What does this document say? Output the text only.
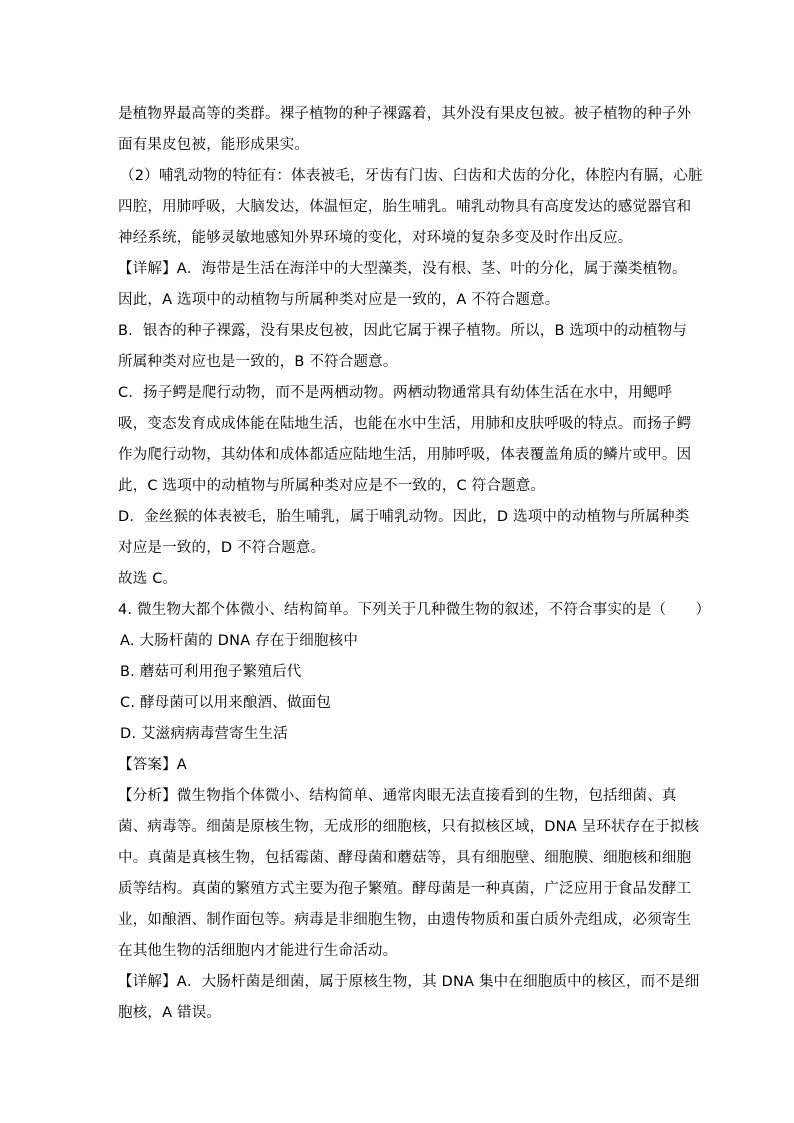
是植物界最高等的类群。裸子植物的种子裸露着，其外没有果皮包被。被子植物的种子外
面有果皮包被，能形成果实。
（2）哺乳动物的特征有：体表被毛，牙齿有门齿、臼齿和犬齿的分化，体腔内有膈，心脏
四腔，用肺呼吸，大脑发达，体温恒定，胎生哺乳。哺乳动物具有高度发达的感觉器官和
神经系统，能够灵敏地感知外界环境的变化，对环境的复杂多变及时作出反应。
【详解】A．海带是生活在海洋中的大型藻类，没有根、茎、叶的分化，属于藻类植物。
因此，A 选项中的动植物与所属种类对应是一致的，A 不符合题意。
B．银杏的种子裸露，没有果皮包被，因此它属于裸子植物。所以，B 选项中的动植物与
所属种类对应也是一致的，B 不符合题意。
C．扬子鳄是爬行动物，而不是两栖动物。两栖动物通常具有幼体生活在水中，用鳃呼
吸，变态发育成成体能在陆地生活，也能在水中生活，用肺和皮肤呼吸的特点。而扬子鳄
作为爬行动物，其幼体和成体都适应陆地生活，用肺呼吸，体表覆盖角质的鳞片或甲。因
此，C 选项中的动植物与所属种类对应是不一致的，C 符合题意。
D．金丝猴的体表被毛，胎生哺乳，属于哺乳动物。因此，D 选项中的动植物与所属种类
对应是一致的，D 不符合题意。
故选 C。
4. 微生物大都个体微小、结构简单。下列关于几种微生物的叙述，不符合事实的是（　　）
A. 大肠杆菌的 DNA 存在于细胞核中
B. 蘑菇可利用孢子繁殖后代
C. 酵母菌可以用来酿酒、做面包
D. 艾滋病病毒营寄生生活
【答案】A
【分析】微生物指个体微小、结构简单、通常肉眼无法直接看到的生物，包括细菌、真
菌、病毒等。细菌是原核生物，无成形的细胞核，只有拟核区域，DNA 呈环状存在于拟核
中。真菌是真核生物，包括霉菌、酵母菌和蘑菇等，具有细胞壁、细胞膜、细胞核和细胞
质等结构。真菌的繁殖方式主要为孢子繁殖。酵母菌是一种真菌，广泛应用于食品发酵工
业，如酿酒、制作面包等。病毒是非细胞生物，由遗传物质和蛋白质外壳组成，必须寄生
在其他生物的活细胞内才能进行生命活动。
【详解】A．大肠杆菌是细菌，属于原核生物，其 DNA 集中在细胞质中的核区，而不是细
胞核，A 错误。
